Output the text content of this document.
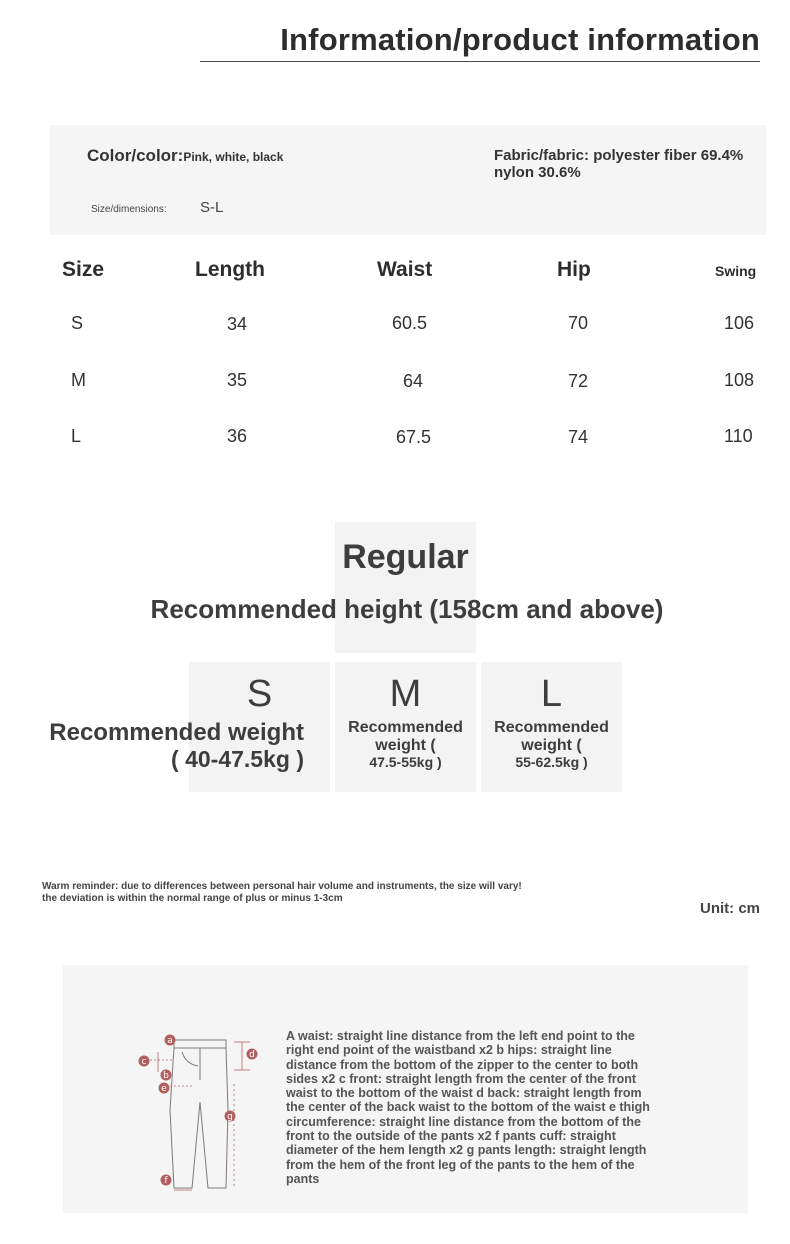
Information/product information
Color/color:Pink, white, black	Fabric/fabric: polyester fiber 69.4% nylon 30.6%
Size/dimensions: S-L
Size	Length	Waist	Hip	Swing
S	34	60.5	70	106
M	35	64	72	108
L	36	67.5	74	110
Regular
Recommended height (158cm and above)
S	M	L
Recommended weight
( 40-47.5kg )
Recommended weight (
47.5-55kg )
Recommended weight (
55-62.5kg )
Warm reminder: due to differences between personal hair volume and instruments, the size will vary! the deviation is within the normal range of plus or minus 1-3cm
Unit: cm
a
b
c
d
e
f
g
A waist: straight line distance from the left end point to the right end point of the waistband x2 b hips: straight line distance from the bottom of the zipper to the center to both sides x2 c front: straight length from the center of the front waist to the bottom of the waist d back: straight length from the center of the back waist to the bottom of the waist e thigh circumference: straight line distance from the bottom of the front to the outside of the pants x2 f pants cuff: straight diameter of the hem length x2 g pants length: straight length from the hem of the front leg of the pants to the hem of the pants
